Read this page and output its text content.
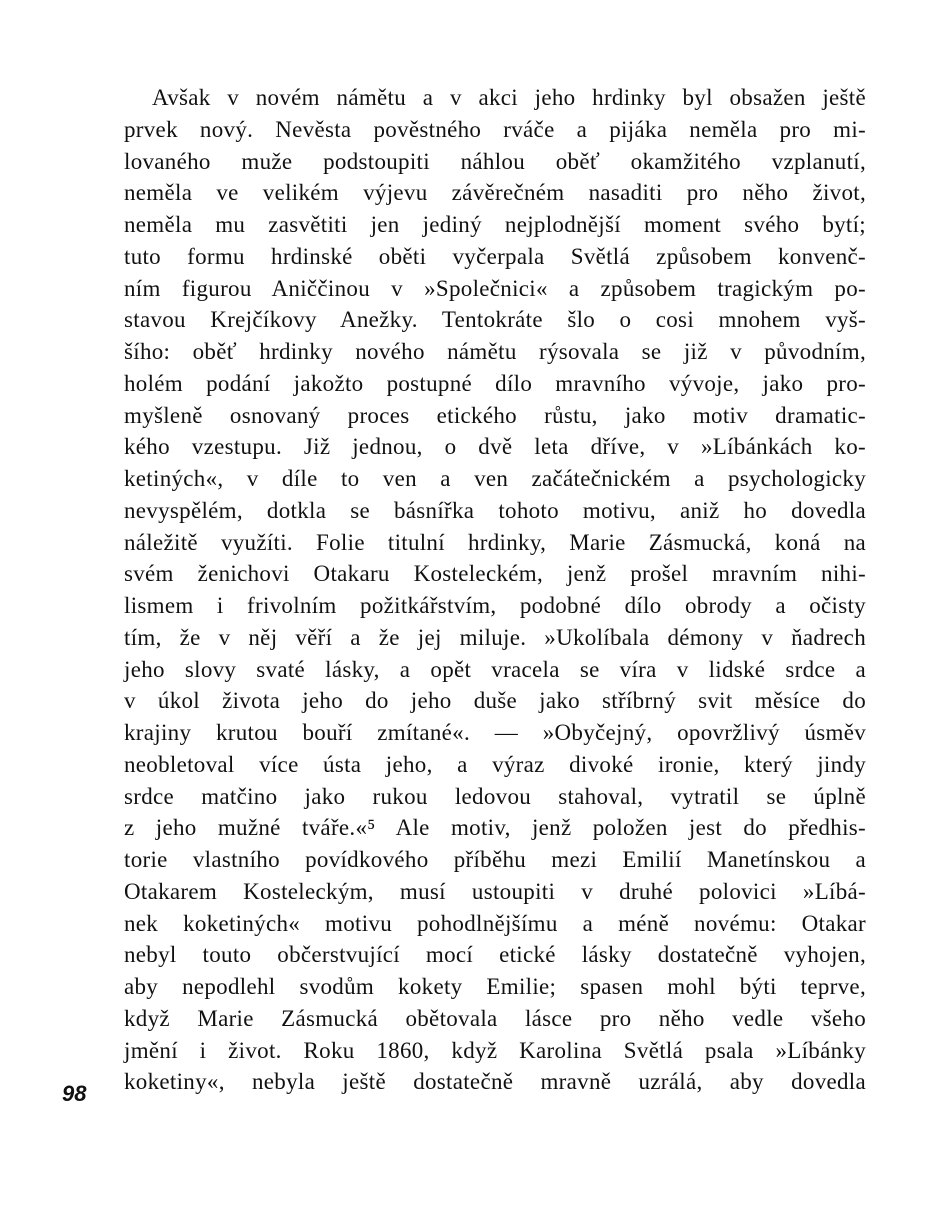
Avšak v novém námětu a v akci jeho hrdinky byl obsažen ještě
prvek nový. Nevěsta pověstného rváče a pijáka neměla pro mi-
lovaného muže podstoupiti náhlou oběť okamžitého vzplanutí,
neměla ve velikém výjevu závěrečném nasaditi pro něho život,
neměla mu zasvětiti jen jediný nejplodnější moment svého bytí;
tuto formu hrdinské oběti vyčerpala Světlá způsobem konvenč-
ním figurou Aniččinou v »Společnici« a způsobem tragickým po-
stavou Krejčíkovy Anežky. Tentokráte šlo o cosi mnohem vyš-
šího: oběť hrdinky nového námětu rýsovala se již v původním,
holém podání jakožto postupné dílo mravního vývoje, jako pro-
myšleně osnovaný proces etického růstu, jako motiv dramatic-
kého vzestupu. Již jednou, o dvě leta dříve, v »Líbánkách ko-
ketiných«, v díle to ven a ven začátečnickém a psychologicky
nevyspělém, dotkla se básnířka tohoto motivu, aniž ho dovedla
náležitě využíti. Folie titulní hrdinky, Marie Zásmucká, koná na
svém ženichovi Otakaru Kosteleckém, jenž prošel mravním nihi-
lismem i frivolním požitkářstvím, podobné dílo obrody a očisty
tím, že v něj věří a že jej miluje. »Ukolíbala démony v ňadrech
jeho slovy svaté lásky, a opět vracela se víra v lidské srdce a
v úkol života jeho do jeho duše jako stříbrný svit měsíce do
krajiny krutou bouří zmítané«. — »Obyčejný, opovržlivý úsměv
neobletoval více ústa jeho, a výraz divoké ironie, který jindy
srdce matčino jako rukou ledovou stahoval, vytratil se úplně
z jeho mužné tváře.«⁵ Ale motiv, jenž položen jest do předhis-
torie vlastního povídkového příběhu mezi Emilií Manetínskou a
Otakarem Kosteleckým, musí ustoupiti v druhé polovici »Líbá-
nek koketiných« motivu pohodlnějšímu a méně novému: Otakar
nebyl touto občerstvující mocí etické lásky dostatečně vyhojen,
aby nepodlehl svodům kokety Emilie; spasen mohl býti teprve,
když Marie Zásmucká obětovala lásce pro něho vedle všeho
jmění i život. Roku 1860, když Karolina Světlá psala »Líbánky
koketiny«, nebyla ještě dostatečně mravně uzrálá, aby dovedla
98
